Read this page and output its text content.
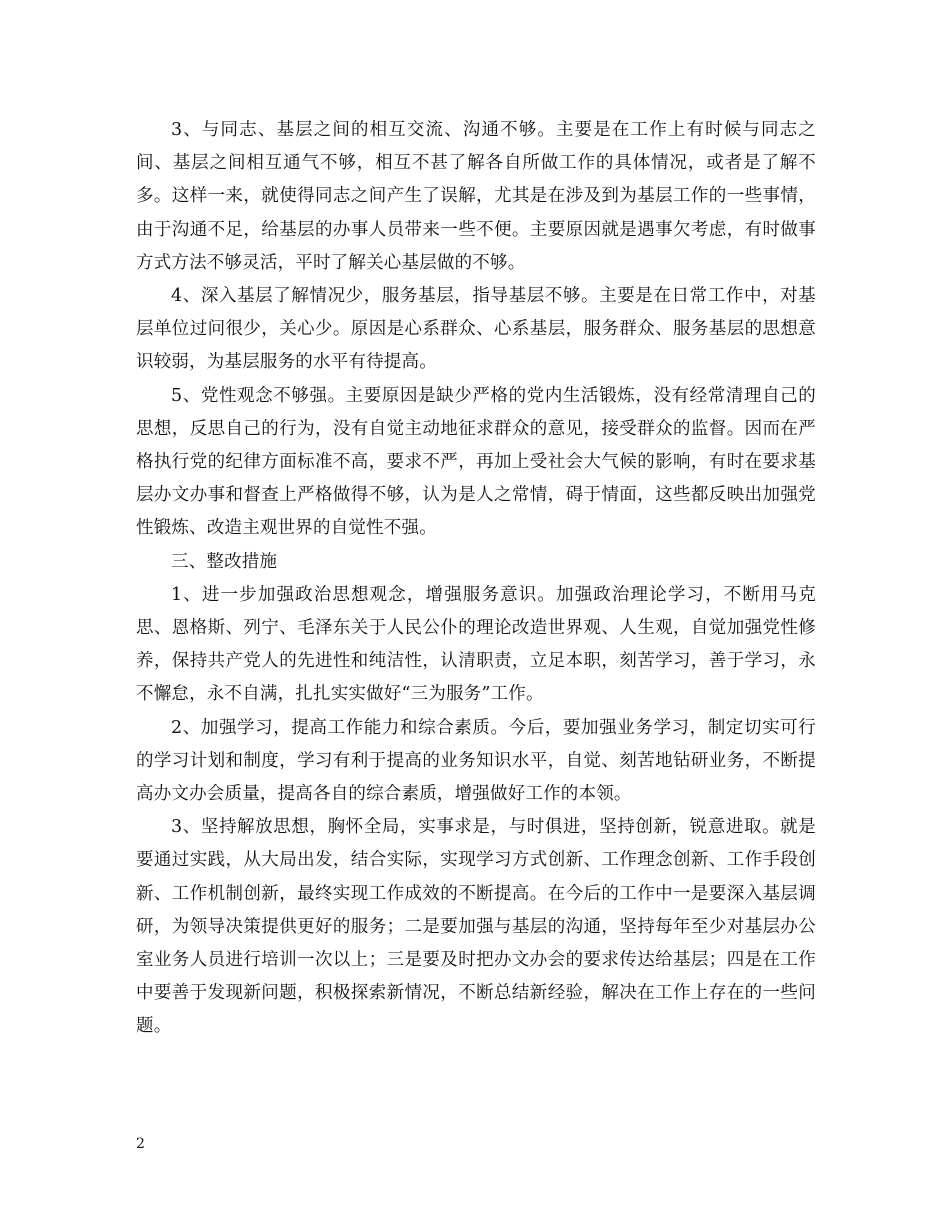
3、与同志、基层之间的相互交流、沟通不够。主要是在工作上有时候与同志之间、基层之间相互通气不够，相互不甚了解各自所做工作的具体情况，或者是了解不多。这样一来，就使得同志之间产生了误解，尤其是在涉及到为基层工作的一些事情，由于沟通不足，给基层的办事人员带来一些不便。主要原因就是遇事欠考虑，有时做事方式方法不够灵活，平时了解关心基层做的不够。

4、深入基层了解情况少，服务基层，指导基层不够。主要是在日常工作中，对基层单位过问很少，关心少。原因是心系群众、心系基层，服务群众、服务基层的思想意识较弱，为基层服务的水平有待提高。

5、党性观念不够强。主要原因是缺少严格的党内生活锻炼，没有经常清理自己的思想，反思自己的行为，没有自觉主动地征求群众的意见，接受群众的监督。因而在严格执行党的纪律方面标准不高，要求不严，再加上受社会大气候的影响，有时在要求基层办文办事和督查上严格做得不够，认为是人之常情，碍于情面，这些都反映出加强党性锻炼、改造主观世界的自觉性不强。

三、整改措施

1、进一步加强政治思想观念，增强服务意识。加强政治理论学习，不断用马克思、恩格斯、列宁、毛泽东关于人民公仆的理论改造世界观、人生观，自觉加强党性修养，保持共产党人的先进性和纯洁性，认清职责，立足本职，刻苦学习，善于学习，永不懈怠，永不自满，扎扎实实做好“三为服务”工作。

2、加强学习，提高工作能力和综合素质。今后，要加强业务学习，制定切实可行的学习计划和制度，学习有利于提高的业务知识水平，自觉、刻苦地钻研业务，不断提高办文办会质量，提高各自的综合素质，增强做好工作的本领。

3、坚持解放思想，胸怀全局，实事求是，与时俱进，坚持创新，锐意进取。就是要通过实践，从大局出发，结合实际，实现学习方式创新、工作理念创新、工作手段创新、工作机制创新，最终实现工作成效的不断提高。在今后的工作中一是要深入基层调研，为领导决策提供更好的服务；二是要加强与基层的沟通，坚持每年至少对基层办公室业务人员进行培训一次以上；三是要及时把办文办会的要求传达给基层；四是在工作中要善于发现新问题，积极探索新情况，不断总结新经验，解决在工作上存在的一些问题。

2
